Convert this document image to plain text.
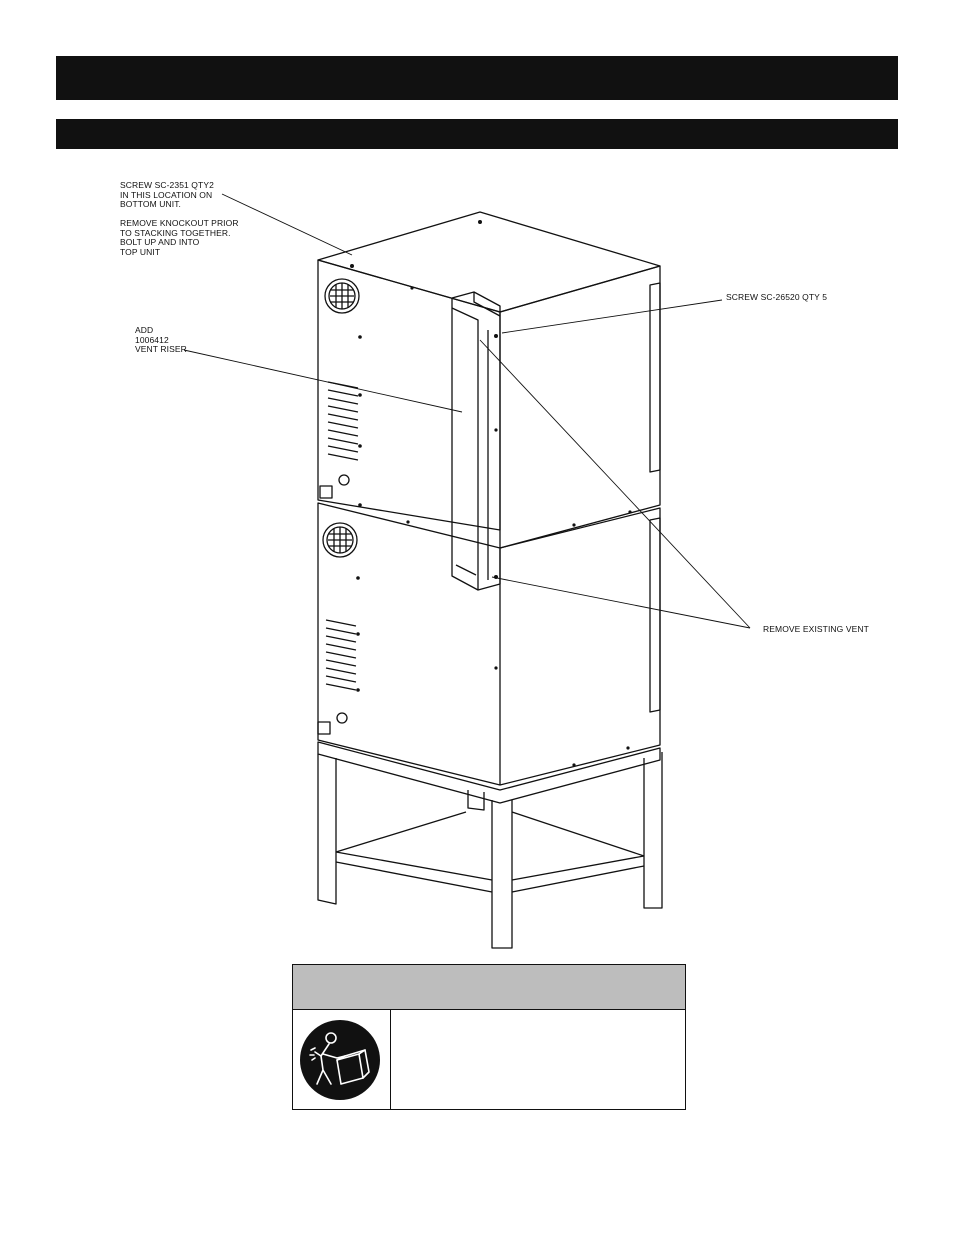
SCREW SC-2351 QTY2
IN THIS LOCATION ON
BOTTOM UNIT.
REMOVE KNOCKOUT PRIOR
TO STACKING TOGETHER.
BOLT UP AND INTO
TOP UNIT
ADD
1006412
VENT RISER
SCREW SC-26520 QTY 5
REMOVE EXISTING VENT
